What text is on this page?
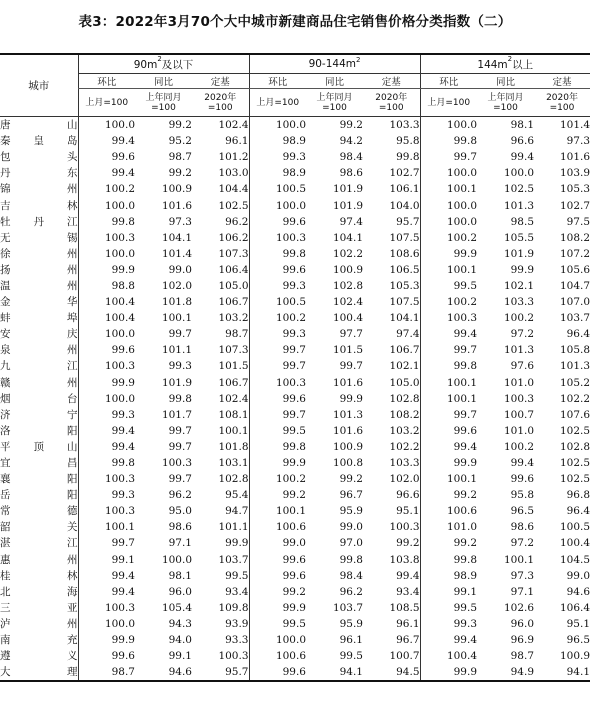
表3：2022年3月70个大中城市新建商品住宅销售价格分类指数（二）
城市	$90m^2$及以下			$90-144m^2$			$144m^2$以上		
	环比	同比	定基	环比	同比	定基	环比	同比	定基
	上月=100	上年同月=100	2020年=100	上月=100	上年同月=100	2020年=100	上月=100	上年同月=100	2020年=100
唐山	100.0	99.2	102.4	100.0	99.2	103.3	100.0	98.1	101.4
秦皇岛	99.4	95.2	96.1	98.9	94.2	95.8	99.8	96.6	97.3
包头	99.6	98.7	101.2	99.3	98.4	99.8	99.7	99.4	101.6
丹东	99.4	99.2	103.0	98.9	98.6	102.7	100.0	100.0	103.9
锦州	100.2	100.9	104.4	100.5	101.9	106.1	100.1	102.5	105.3
吉林	100.0	101.6	102.5	100.0	101.9	104.0	100.0	101.3	102.7
牡丹江	99.8	97.3	96.2	99.6	97.4	95.7	100.0	98.5	97.5
无锡	100.3	104.1	106.2	100.3	104.1	107.5	100.2	105.5	108.2
徐州	100.0	101.4	107.3	99.8	102.2	108.6	99.9	101.9	107.2
扬州	99.9	99.0	106.4	99.6	100.9	106.5	100.1	99.9	105.6
温州	98.8	102.0	105.0	99.3	102.8	105.3	99.5	102.1	104.7
金华	100.4	101.8	106.7	100.5	102.4	107.5	100.2	103.3	107.0
蚌埠	100.4	100.1	103.2	100.2	100.4	104.1	100.3	100.2	103.7
安庆	100.0	99.7	98.7	99.3	97.7	97.4	99.4	97.2	96.4
泉州	99.6	101.1	107.3	99.7	101.5	106.7	99.7	101.3	105.8
九江	100.3	99.3	101.5	99.7	99.7	102.1	99.8	97.6	101.3
赣州	99.9	101.9	106.7	100.3	101.6	105.0	100.1	101.0	105.2
烟台	100.0	99.8	102.4	99.6	99.9	102.8	100.1	100.3	102.2
济宁	99.3	101.7	108.1	99.7	101.3	108.2	99.7	100.7	107.6
洛阳	99.4	99.7	100.1	99.5	101.6	103.2	99.6	101.0	102.5
平顶山	99.4	99.7	101.8	99.8	100.9	102.2	99.4	100.2	102.8
宜昌	99.8	100.3	103.1	99.9	100.8	103.3	99.9	99.4	102.5
襄阳	100.3	99.7	102.8	100.2	99.2	102.0	100.1	99.6	102.5
岳阳	99.3	96.2	95.4	99.2	96.7	96.6	99.2	95.8	96.8
常德	100.3	95.0	94.7	100.1	95.9	95.1	100.6	96.5	96.4
韶关	100.1	98.6	101.1	100.6	99.0	100.3	101.0	98.6	100.5
湛江	99.7	97.1	99.9	99.0	97.0	99.2	99.2	97.2	100.4
惠州	99.1	100.0	103.7	99.6	99.8	103.8	99.8	100.1	104.5
桂林	99.4	98.1	99.5	99.6	98.4	99.4	98.9	97.3	99.0
北海	99.4	96.0	93.4	99.2	96.2	93.4	99.1	97.1	94.6
三亚	100.3	105.4	109.8	99.9	103.7	108.5	99.5	102.6	106.4
泸州	100.0	94.3	93.9	99.5	95.9	96.1	99.3	96.0	95.1
南充	99.9	94.0	93.3	100.0	96.1	96.7	99.4	96.9	96.5
遵义	99.6	99.1	100.3	100.6	99.5	100.7	100.4	98.7	100.9
大理	98.7	94.6	95.7	99.6	94.1	94.5	99.9	94.9	94.1
